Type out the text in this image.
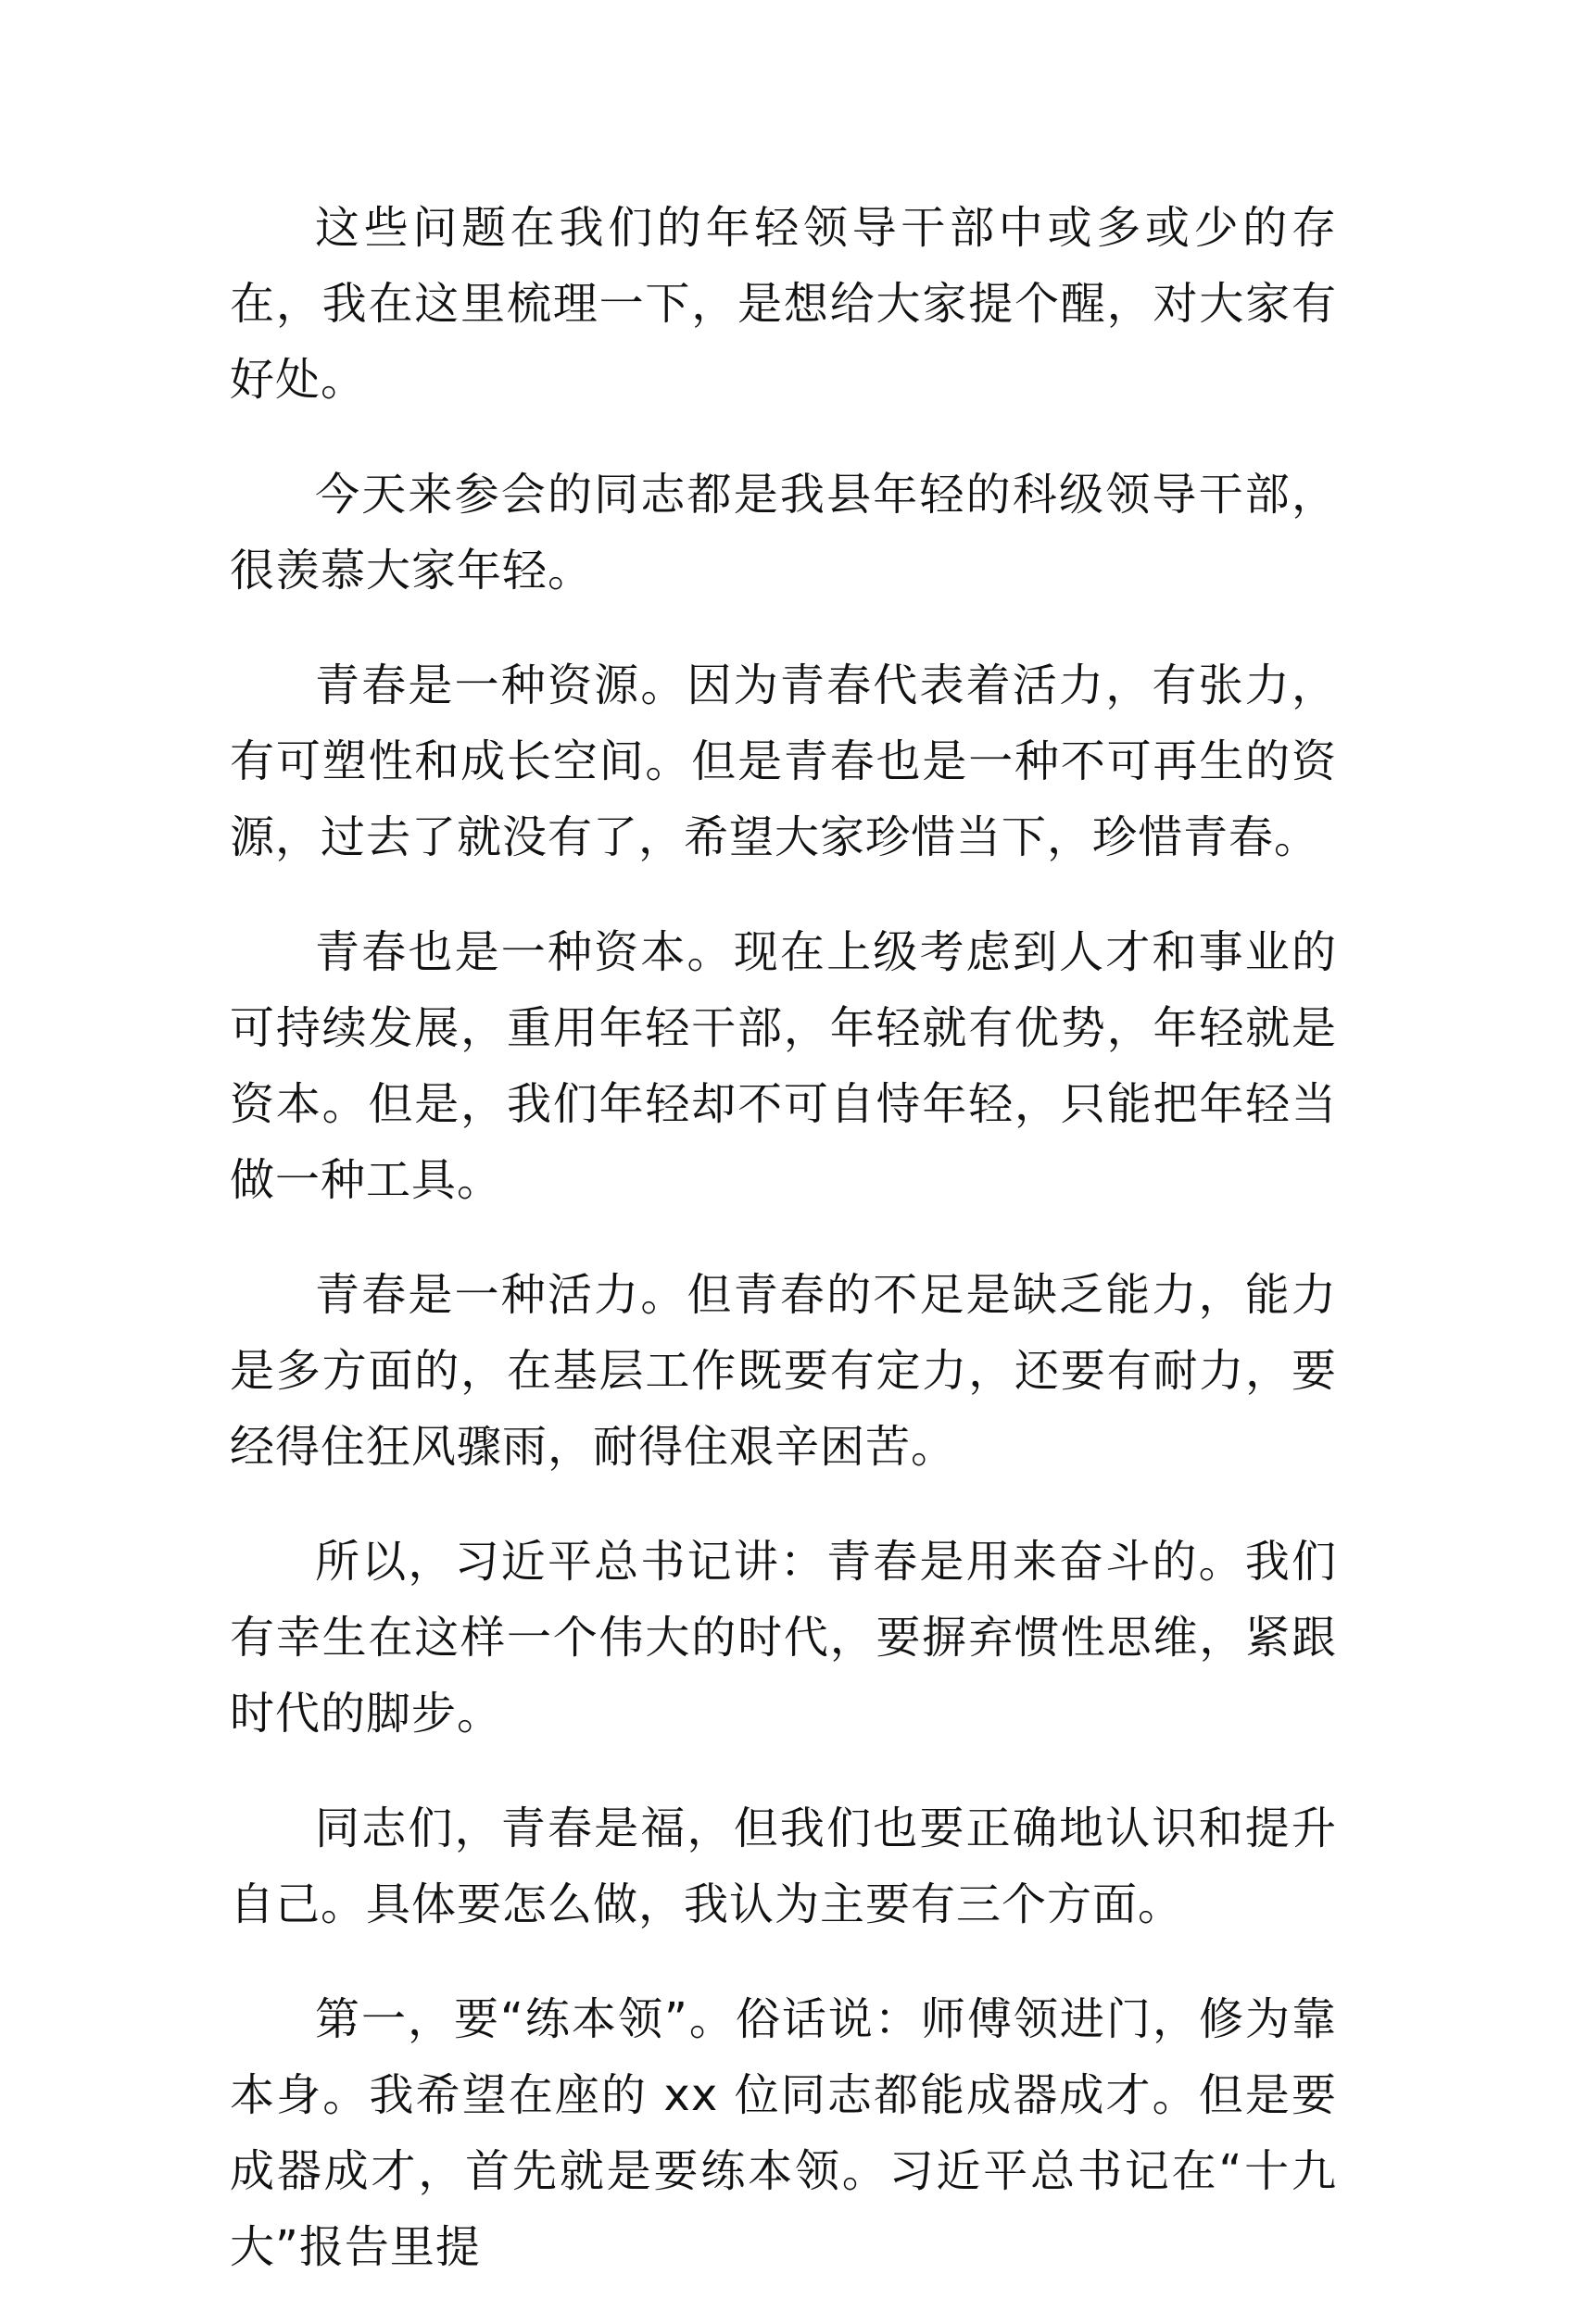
这些问题在我们的年轻领导干部中或多或少的存在，我在这里梳理一下，是想给大家提个醒，对大家有好处。

今天来参会的同志都是我县年轻的科级领导干部，很羡慕大家年轻。

青春是一种资源。因为青春代表着活力，有张力，有可塑性和成长空间。但是青春也是一种不可再生的资源，过去了就没有了，希望大家珍惜当下，珍惜青春。

青春也是一种资本。现在上级考虑到人才和事业的可持续发展，重用年轻干部，年轻就有优势，年轻就是资本。但是，我们年轻却不可自恃年轻，只能把年轻当做一种工具。

青春是一种活力。但青春的不足是缺乏能力，能力是多方面的，在基层工作既要有定力，还要有耐力，要经得住狂风骤雨，耐得住艰辛困苦。

所以，习近平总书记讲：青春是用来奋斗的。我们有幸生在这样一个伟大的时代，要摒弃惯性思维，紧跟时代的脚步。

同志们，青春是福，但我们也要正确地认识和提升自己。具体要怎么做，我认为主要有三个方面。

第一，要“练本领”。俗话说：师傅领进门，修为靠本身。我希望在座的 xx 位同志都能成器成才。但是要成器成才，首先就是要练本领。习近平总书记在“十九大”报告里提
